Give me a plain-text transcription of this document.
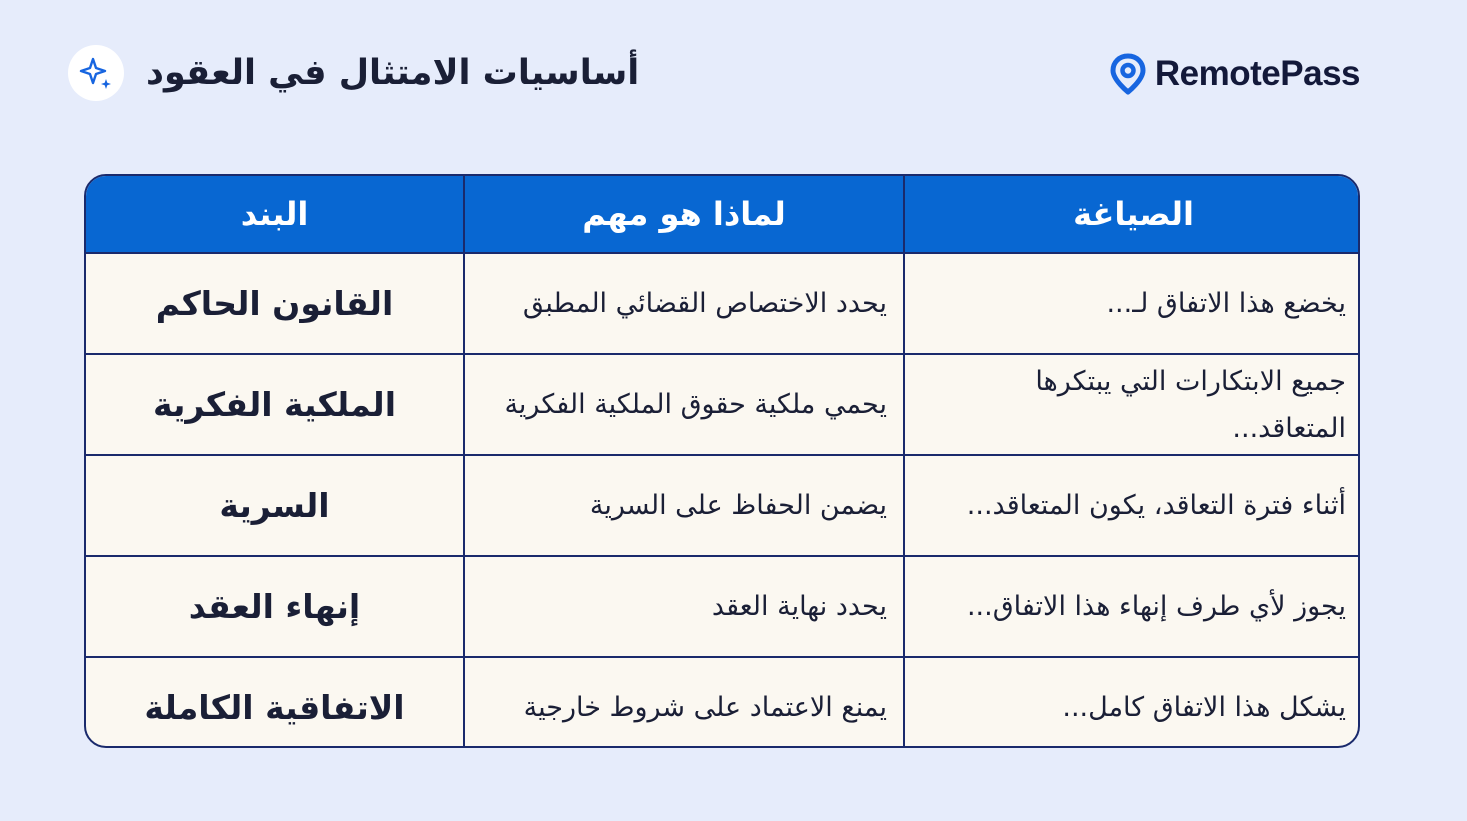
أساسيات الامتثال في العقود	RemotePass
البند	لماذا هو مهم	الصياغة
القانون الحاكم	يحدد الاختصاص القضائي المطبق	يخضع هذا الاتفاق لـ...
الملكية الفكرية	يحمي ملكية حقوق الملكية الفكرية	جميع الابتكارات التي يبتكرها المتعاقد...
السرية	يضمن الحفاظ على السرية	أثناء فترة التعاقد، يكون المتعاقد...
إنهاء العقد	يحدد نهاية العقد	يجوز لأي طرف إنهاء هذا الاتفاق...
الاتفاقية الكاملة	يمنع الاعتماد على شروط خارجية	يشكل هذا الاتفاق كامل...
